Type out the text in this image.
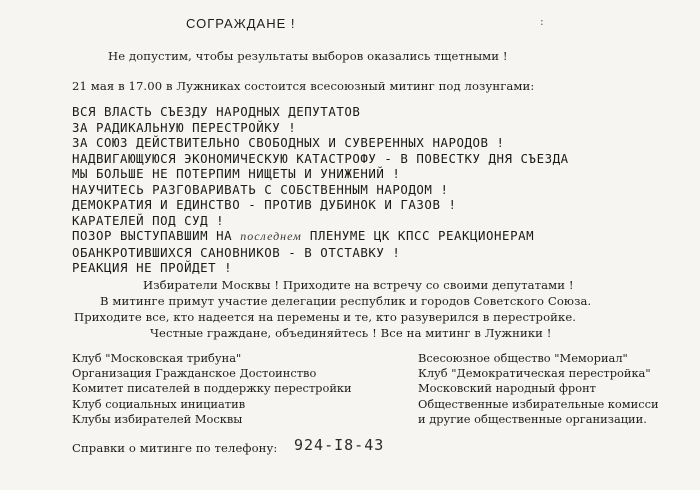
СОГРАЖДАНЕ !	:
Не допустим, чтобы результаты выборов оказались тщетными !
21 мая в 17.00 в Лужниках состоится всесоюзный митинг под лозунгами:
ВСЯ ВЛАСТЬ СЪЕЗДУ НАРОДНЫХ ДЕПУТАТОВ
ЗА РАДИКАЛЬНУЮ ПЕРЕСТРОЙКУ !
ЗА СОЮЗ ДЕЙСТВИТЕЛЬНО СВОБОДНЫХ И СУВЕРЕННЫХ НАРОДОВ !
НАДВИГАЮЩУЮСЯ ЭКОНОМИЧЕСКУЮ КАТАСТРОФУ - В ПОВЕСТКУ ДНЯ СЪЕЗДА
МЫ БОЛЬШЕ НЕ ПОТЕРПИМ НИЩЕТЫ И УНИЖЕНИЙ !
НАУЧИТЕСЬ РАЗГОВАРИВАТЬ С СОБСТВЕННЫМ НАРОДОМ !
ДЕМОКРАТИЯ И ЕДИНСТВО - ПРОТИВ ДУБИНОК И ГАЗОВ !
КАРАТЕЛЕЙ ПОД СУД !
ПОЗОР ВЫСТУПАВШИМ НА последнем ПЛЕНУМЕ ЦК КПСС РЕАКЦИОНЕРАМ
ОБАНКРОТИВШИХСЯ САНОВНИКОВ - В ОТСТАВКУ !
РЕАКЦИЯ НЕ ПРОЙДЕТ !
Избиратели Москвы ! Приходите на встречу со своими депутатами !
В митинге примут участие делегации республик и городов Советского Союза.
Приходите все, кто надеется на перемены и те, кто разуверился в перестройке.
Честные граждане, объединяйтесь ! Все на митинг в Лужники !
Клуб "Московская трибуна"
Организация Гражданское Достоинство
Комитет писателей в поддержку перестройки
Клуб социальных инициатив
Клубы избирателей Москвы
Всесоюзное общество "Мемориал"
Клуб "Демократическая перестройка"
Московский народный фронт
Общественные избирательные комисси
и другие общественные организации.
Справки о митинге по телефону: 924-I8-43
